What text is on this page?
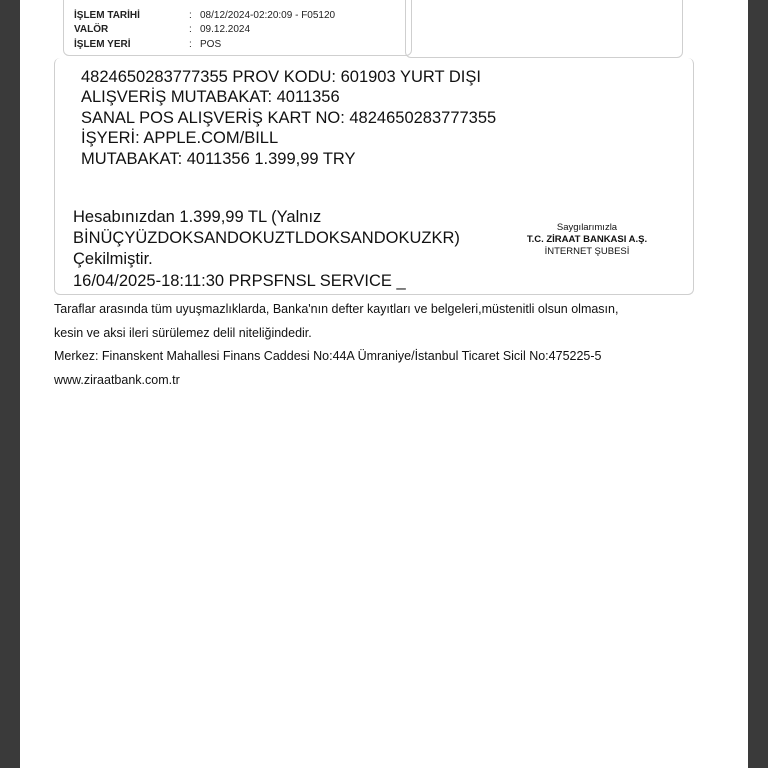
İŞLEM TARİHİ	: 08/12/2024-02:20:09 - F05120
VALÖR	: 09.12.2024
İŞLEM YERİ	: POS
4824650283777355 PROV KODU: 601903 YURT DIŞI
ALIŞVERİŞ MUTABAKAT: 4011356
SANAL POS ALIŞVERİŞ KART NO: 4824650283777355
İŞYERİ: APPLE.COM/BILL
MUTABAKAT: 4011356 1.399,99 TRY
Hesabınızdan 1.399,99 TL (Yalnız
BİNÜÇYÜZDOKSANDOKUZTLDOKSANDOKUZKR)
Çekilmiştir.
16/04/2025-18:11:30 PRPSFNSL SERVICE _
Saygılarımızla
T.C. ZİRAAT BANKASI A.Ş.
İNTERNET ŞUBESİ
Taraflar arasında tüm uyuşmazlıklarda, Banka'nın defter kayıtları ve belgeleri,müstenitli olsun olmasın,
kesin ve aksi ileri sürülemez delil niteliğindedir.
Merkez: Finanskent Mahallesi Finans Caddesi No:44A Ümraniye/İstanbul Ticaret Sicil No:475225-5
www.ziraatbank.com.tr
